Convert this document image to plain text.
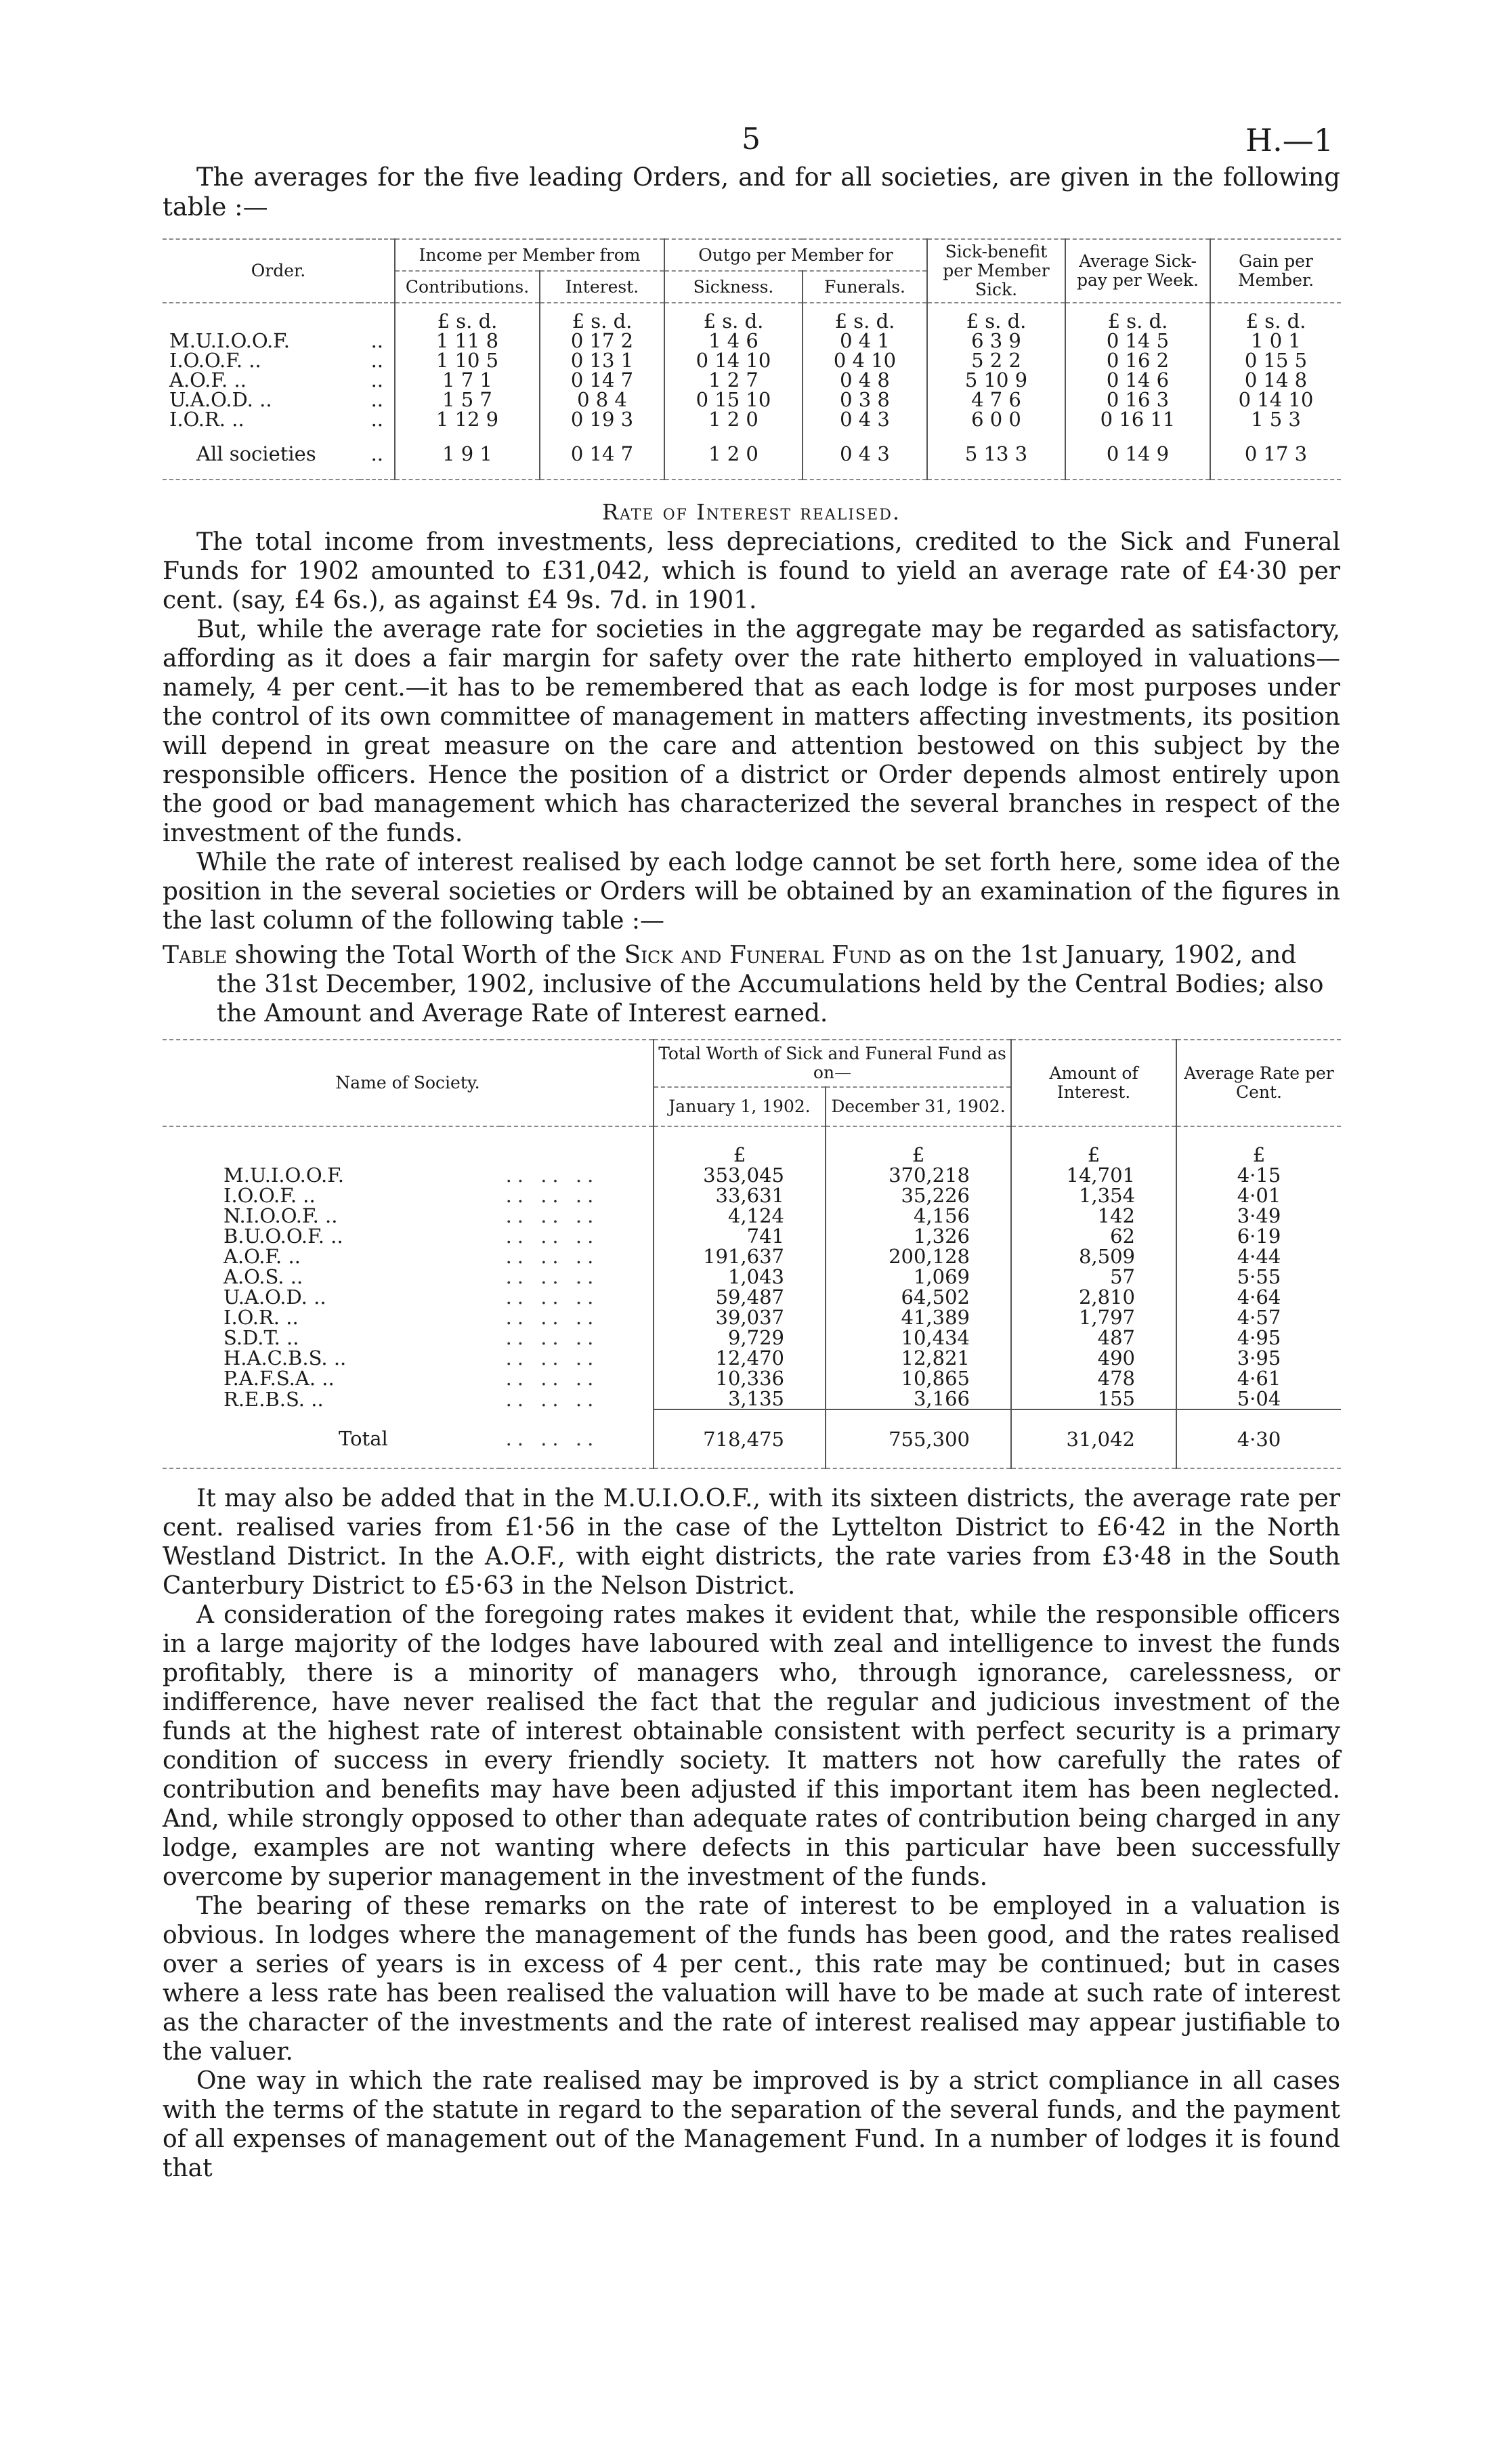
5	H.—1

The averages for the five leading Orders, and for all societies, are given in the following table :—

Order.		Income per Member from		Outgo per Member for		Sick-benefit per Member Sick.	Average Sick-pay per Week.	Gain per Member.
		Contributions.	Interest.	Sickness.	Funerals.			
		£ s. d.	£ s. d.	£ s. d.	£ s. d.	£ s. d.	£ s. d.	£ s. d.
M.U.I.O.O.F.	..	1 11 8	0 17 2	1 4 6	0 4 1	6 3 9	0 14 5	1 0 1
I.O.O.F. ..	..	1 10 5	0 13 1	0 14 10	0 4 10	5 2 2	0 16 2	0 15 5
A.O.F. ..	..	1 7 1	0 14 7	1 2 7	0 4 8	5 10 9	0 14 6	0 14 8
U.A.O.D. ..	..	1 5 7	0 8 4	0 15 10	0 3 8	4 7 6	0 16 3	0 14 10
I.O.R. ..	..	1 12 9	0 19 3	1 2 0	0 4 3	6 0 0	0 16 11	1 5 3
All societies	..	1 9 1	0 14 7	1 2 0	0 4 3	5 13 3	0 14 9	0 17 3
Rate of Interest realised.

The total income from investments, less depreciations, credited to the Sick and Funeral Funds for 1902 amounted to £31,042, which is found to yield an average rate of £4·30 per cent. (say, £4 6s.), as against £4 9s. 7d. in 1901.

But, while the average rate for societies in the aggregate may be regarded as satisfactory, affording as it does a fair margin for safety over the rate hitherto employed in valuations—namely, 4 per cent.—it has to be remembered that as each lodge is for most purposes under the control of its own committee of management in matters affecting investments, its position will depend in great measure on the care and attention bestowed on this subject by the responsible officers. Hence the position of a district or Order depends almost entirely upon the good or bad management which has characterized the several branches in respect of the investment of the funds.

While the rate of interest realised by each lodge cannot be set forth here, some idea of the position in the several societies or Orders will be obtained by an examination of the figures in the last column of the following table :—

Table showing the Total Worth of the Sick and Funeral Fund as on the 1st January, 1902, and the 31st December, 1902, inclusive of the Accumulations held by the Central Bodies; also the Amount and Average Rate of Interest earned.
Name of Society.		Total Worth of Sick and Funeral Fund as on—		Amount of Interest.	Average Rate per Cent.
		January 1, 1902.	December 31, 1902.		
		£	£	£	£
M.U.I.O.O.F.	.. .. ..	353,045	370,218	14,701	4·15
I.O.O.F. ..	.. .. ..	33,631	35,226	1,354	4·01
N.I.O.O.F. ..	.. .. ..	4,124	4,156	142	3·49
B.U.O.O.F. ..	.. .. ..	741	1,326	62	6·19
A.O.F. ..	.. .. ..	191,637	200,128	8,509	4·44
A.O.S. ..	.. .. ..	1,043	1,069	57	5·55
U.A.O.D. ..	.. .. ..	59,487	64,502	2,810	4·64
I.O.R. ..	.. .. ..	39,037	41,389	1,797	4·57
S.D.T. ..	.. .. ..	9,729	10,434	487	4·95
H.A.C.B.S. ..	.. .. ..	12,470	12,821	490	3·95
P.A.F.S.A. ..	.. .. ..	10,336	10,865	478	4·61
R.E.B.S. ..	.. .. ..	3,135	3,166	155	5·04
Total	.. .. ..	718,475	755,300	31,042	4·30

It may also be added that in the M.U.I.O.O.F., with its sixteen districts, the average rate per cent. realised varies from £1·56 in the case of the Lyttelton District to £6·42 in the North Westland District. In the A.O.F., with eight districts, the rate varies from £3·48 in the South Canterbury District to £5·63 in the Nelson District.

A consideration of the foregoing rates makes it evident that, while the responsible officers in a large majority of the lodges have laboured with zeal and intelligence to invest the funds profitably, there is a minority of managers who, through ignorance, carelessness, or indifference, have never realised the fact that the regular and judicious investment of the funds at the highest rate of interest obtainable consistent with perfect security is a primary condition of success in every friendly society. It matters not how carefully the rates of contribution and benefits may have been adjusted if this important item has been neglected. And, while strongly opposed to other than adequate rates of contribution being charged in any lodge, examples are not wanting where defects in this particular have been successfully overcome by superior management in the investment of the funds.

The bearing of these remarks on the rate of interest to be employed in a valuation is obvious. In lodges where the management of the funds has been good, and the rates realised over a series of years is in excess of 4 per cent., this rate may be continued; but in cases where a less rate has been realised the valuation will have to be made at such rate of interest as the character of the investments and the rate of interest realised may appear justifiable to the valuer.

One way in which the rate realised may be improved is by a strict compliance in all cases with the terms of the statute in regard to the separation of the several funds, and the payment of all expenses of management out of the Management Fund. In a number of lodges it is found that
